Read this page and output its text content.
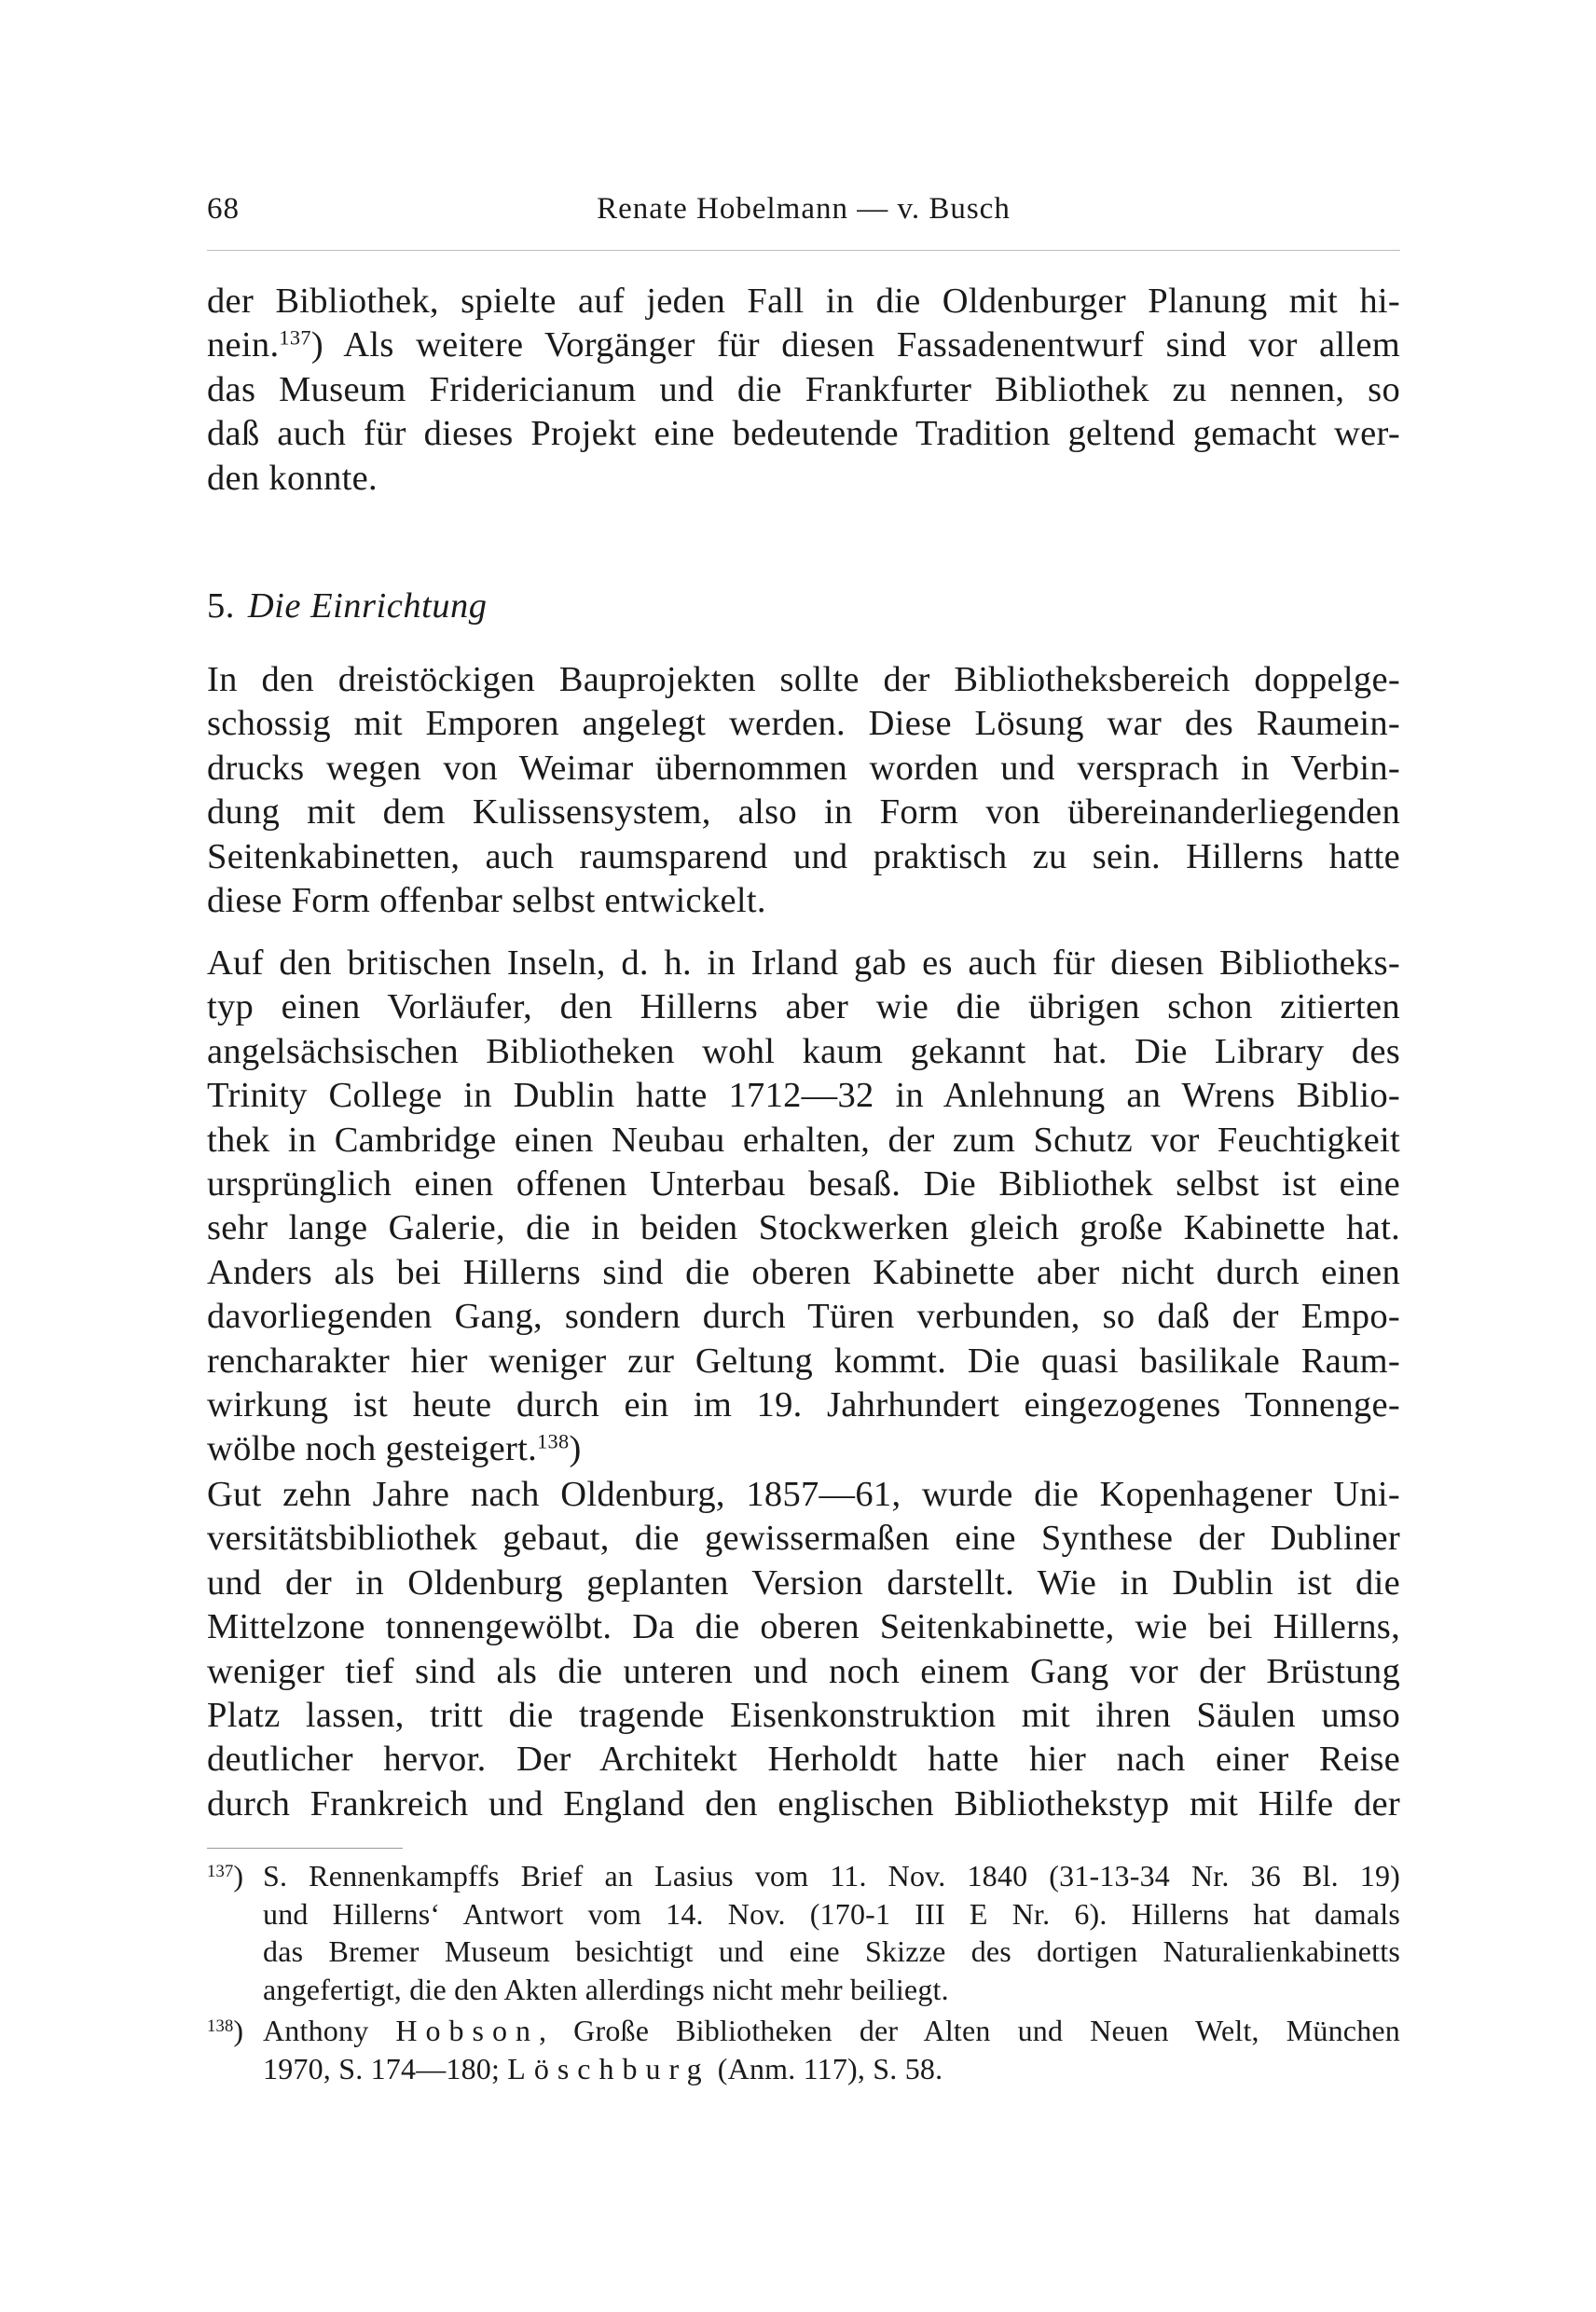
68	Renate Hobelmann — v. Busch
der Bibliothek, spielte auf jeden Fall in die Oldenburger Planung mit hi-
nein.$^{137}$) Als weitere Vorgänger für diesen Fassadenentwurf sind vor allem
das Museum Fridericianum und die Frankfurter Bibliothek zu nennen, so
daß auch für dieses Projekt eine bedeutende Tradition geltend gemacht wer-
den konnte.
5. Die Einrichtung
In den dreistöckigen Bauprojekten sollte der Bibliotheksbereich doppelge-
schossig mit Emporen angelegt werden. Diese Lösung war des Raumein-
drucks wegen von Weimar übernommen worden und versprach in Verbin-
dung mit dem Kulissensystem, also in Form von übereinanderliegenden
Seitenkabinetten, auch raumsparend und praktisch zu sein. Hillerns hatte
diese Form offenbar selbst entwickelt.
Auf den britischen Inseln, d. h. in Irland gab es auch für diesen Bibliotheks-
typ einen Vorläufer, den Hillerns aber wie die übrigen schon zitierten
angelsächsischen Bibliotheken wohl kaum gekannt hat. Die Library des
Trinity College in Dublin hatte 1712—32 in Anlehnung an Wrens Biblio-
thek in Cambridge einen Neubau erhalten, der zum Schutz vor Feuchtigkeit
ursprünglich einen offenen Unterbau besaß. Die Bibliothek selbst ist eine
sehr lange Galerie, die in beiden Stockwerken gleich große Kabinette hat.
Anders als bei Hillerns sind die oberen Kabinette aber nicht durch einen
davorliegenden Gang, sondern durch Türen verbunden, so daß der Empo-
rencharakter hier weniger zur Geltung kommt. Die quasi basilikale Raum-
wirkung ist heute durch ein im 19. Jahrhundert eingezogenes Tonnenge-
wölbe noch gesteigert.$^{138}$)
Gut zehn Jahre nach Oldenburg, 1857—61, wurde die Kopenhagener Uni-
versitätsbibliothek gebaut, die gewissermaßen eine Synthese der Dubliner
und der in Oldenburg geplanten Version darstellt. Wie in Dublin ist die
Mittelzone tonnengewölbt. Da die oberen Seitenkabinette, wie bei Hillerns,
weniger tief sind als die unteren und noch einem Gang vor der Brüstung
Platz lassen, tritt die tragende Eisenkonstruktion mit ihren Säulen umso
deutlicher hervor. Der Architekt Herholdt hatte hier nach einer Reise
durch Frankreich und England den englischen Bibliothekstyp mit Hilfe der
$^{137}$) S. Rennenkampffs Brief an Lasius vom 11. Nov. 1840 (31-13-34 Nr. 36 Bl. 19)
und Hillerns‘ Antwort vom 14. Nov. (170-1 III E Nr. 6). Hillerns hat damals
das Bremer Museum besichtigt und eine Skizze des dortigen Naturalienkabinetts
angefertigt, die den Akten allerdings nicht mehr beiliegt.
$^{138}$) Anthony Hobson, Große Bibliotheken der Alten und Neuen Welt, München
1970, S. 174—180; Löschburg (Anm. 117), S. 58.
